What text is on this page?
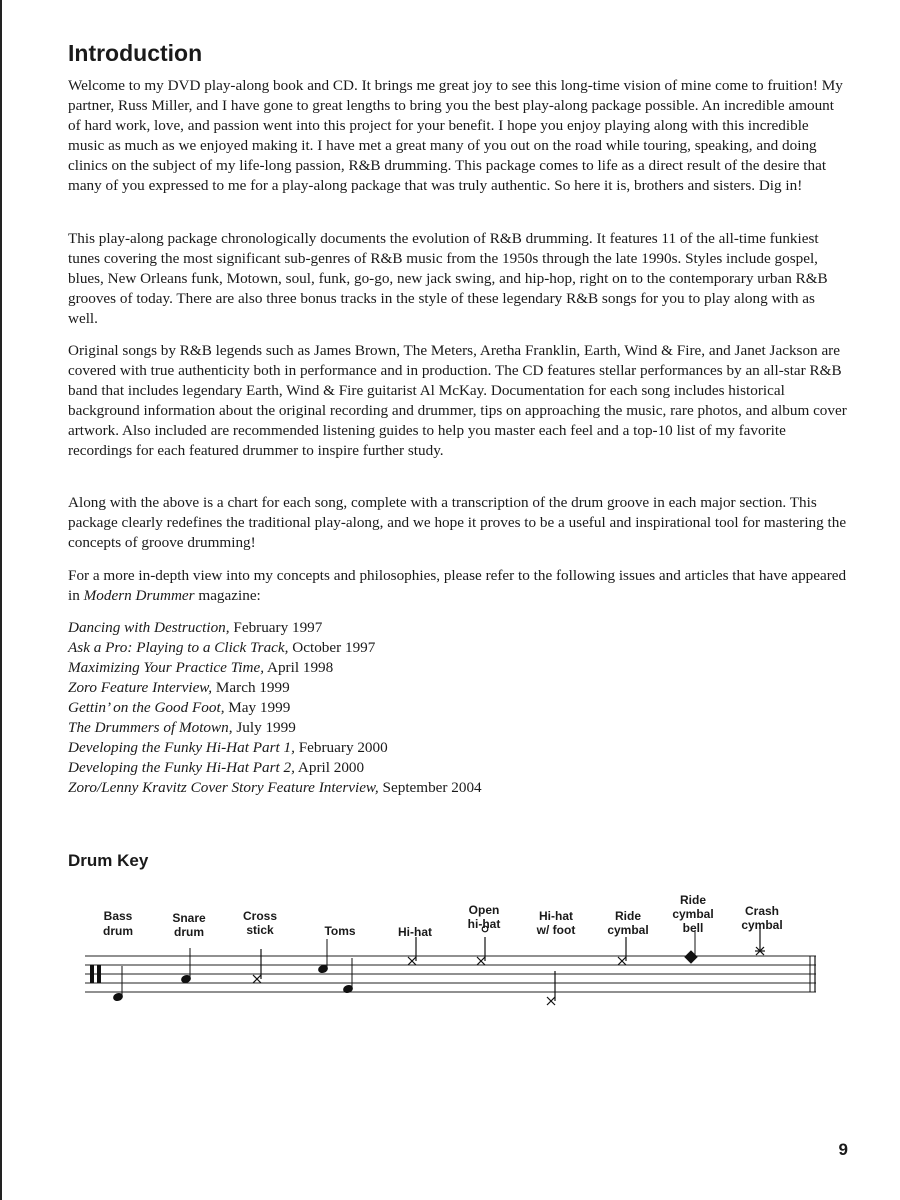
Introduction

Welcome to my DVD play-along book and CD. It brings me great joy to see this long-time vision of mine come to fruition! My partner, Russ Miller, and I have gone to great lengths to bring you the best play-along package possible. An incredible amount of hard work, love, and passion went into this project for your benefit. I hope you enjoy playing along with this incredible music as much as we enjoyed making it. I have met a great many of you out on the road while touring, speaking, and doing clinics on the subject of my life-long passion, R&B drumming. This package comes to life as a direct result of the desire that many of you expressed to me for a play-along package that was truly authentic. So here it is, brothers and sisters. Dig in!

This play-along package chronologically documents the evolution of R&B drumming. It features 11 of the all-time funkiest tunes covering the most significant sub-genres of R&B music from the 1950s through the late 1990s. Styles include gospel, blues, New Orleans funk, Motown, soul, funk, go-go, new jack swing, and hip-hop, right on to the contemporary urban R&B grooves of today. There are also three bonus tracks in the style of these legendary R&B songs for you to play along with as well.

Original songs by R&B legends such as James Brown, The Meters, Aretha Franklin, Earth, Wind & Fire, and Janet Jackson are covered with true authenticity both in performance and in production. The CD features stellar performances by an all-star R&B band that includes legendary Earth, Wind & Fire guitarist Al McKay. Documentation for each song includes historical background information about the original recording and drummer, tips on approaching the music, rare photos, and album cover artwork. Also included are recommended listening guides to help you master each feel and a top-10 list of my favorite recordings for each featured drummer to inspire further study.

Along with the above is a chart for each song, complete with a transcription of the drum groove in each major section. This package clearly redefines the traditional play-along, and we hope it proves to be a useful and inspirational tool for mastering the concepts of groove drumming!

For a more in-depth view into my concepts and philosophies, please refer to the following issues and articles that have appeared in Modern Drummer magazine:

Dancing with Destruction, February 1997
Ask a Pro: Playing to a Click Track, October 1997
Maximizing Your Practice Time, April 1998
Zoro Feature Interview, March 1999
Gettin’ on the Good Foot, May 1999
The Drummers of Motown, July 1999
Developing the Funky Hi-Hat Part 1, February 2000
Developing the Funky Hi-Hat Part 2, April 2000
Zoro/Lenny Kravitz Cover Story Feature Interview, September 2004
Drum Key
Bass
drum
Snare
drum
Cross
stick	Toms	Hi-hat
Open
hi-hat
Hi-hat
w/ foot
Ride
cymbal
Ride
cymbal
bell
Crash
cymbal

9
